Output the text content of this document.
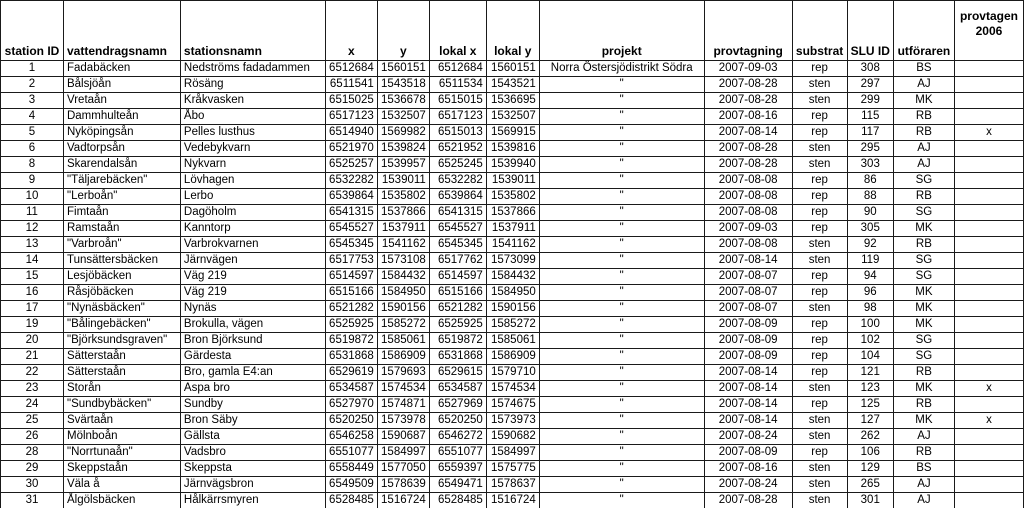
station ID	vattendragsnamn	stationsnamn	x	y	lokal x	lokal y	projekt	provtagning	substrat	SLU ID	utföraren	provtagen 2006
1	Fadabäcken	Nedströms fadadammen	6512684	1560151	6512684	1560151	Norra Östersjödistrikt Södra	2007-09-03	rep	308	BS	
2	Bålsjöån	Rösäng	6511541	1543518	6511534	1543521	"	2007-08-28	sten	297	AJ	
3	Vretaån	Kråkvasken	6515025	1536678	6515015	1536695	"	2007-08-28	sten	299	MK	
4	Dammhulteån	Åbo	6517123	1532507	6517123	1532507	"	2007-08-16	rep	115	RB	
5	Nyköpingsån	Pelles lusthus	6514940	1569982	6515013	1569915	"	2007-08-14	rep	117	RB	x
6	Vadtorpsån	Vedebykvarn	6521970	1539824	6521952	1539816	"	2007-08-28	sten	295	AJ	
8	Skarendalsån	Nykvarn	6525257	1539957	6525245	1539940	"	2007-08-28	sten	303	AJ	
9	"Täljarebäcken"	Lövhagen	6532282	1539011	6532282	1539011	"	2007-08-08	rep	86	SG	
10	"Lerboån"	Lerbo	6539864	1535802	6539864	1535802	"	2007-08-08	rep	88	RB	
11	Fimtaån	Dagöholm	6541315	1537866	6541315	1537866	"	2007-08-08	rep	90	SG	
12	Ramstaån	Kanntorp	6545527	1537911	6545527	1537911	"	2007-09-03	rep	305	MK	
13	"Varbroån"	Varbrokvarnen	6545345	1541162	6545345	1541162	"	2007-08-08	sten	92	RB	
14	Tunsättersbäcken	Järnvägen	6517753	1573108	6517762	1573099	"	2007-08-14	sten	119	SG	
15	Lesjöbäcken	Väg 219	6514597	1584432	6514597	1584432	"	2007-08-07	rep	94	SG	
16	Råsjöbäcken	Väg 219	6515166	1584950	6515166	1584950	"	2007-08-07	rep	96	MK	
17	"Nynäsbäcken"	Nynäs	6521282	1590156	6521282	1590156	"	2007-08-07	sten	98	MK	
19	"Bålingebäcken"	Brokulla, vägen	6525925	1585272	6525925	1585272	"	2007-08-09	rep	100	MK	
20	"Björksundsgraven"	Bron Björksund	6519872	1585061	6519872	1585061	"	2007-08-09	rep	102	SG	
21	Sätterstaån	Gärdesta	6531868	1586909	6531868	1586909	"	2007-08-09	rep	104	SG	
22	Sätterstaån	Bro, gamla E4:an	6529619	1579693	6529615	1579710	"	2007-08-14	rep	121	RB	
23	Storån	Aspa bro	6534587	1574534	6534587	1574534	"	2007-08-14	sten	123	MK	x
24	"Sundbybäcken"	Sundby	6527970	1574871	6527969	1574675	"	2007-08-14	rep	125	RB	
25	Svärtaån	Bron Säby	6520250	1573978	6520250	1573973	"	2007-08-14	sten	127	MK	x
26	Mölnboån	Gällsta	6546258	1590687	6546272	1590682	"	2007-08-24	sten	262	AJ	
28	"Norrtunaån"	Vadsbro	6551077	1584997	6551077	1584997	"	2007-08-09	rep	106	RB	
29	Skeppstaån	Skeppsta	6558449	1577050	6559397	1575775	"	2007-08-16	sten	129	BS	
30	Väla å	Järnvägsbron	6549509	1578639	6549471	1578637	"	2007-08-24	sten	265	AJ	
31	Ålgölsbäcken	Hålkärrsmyren	6528485	1516724	6528485	1516724	"	2007-08-28	sten	301	AJ	
